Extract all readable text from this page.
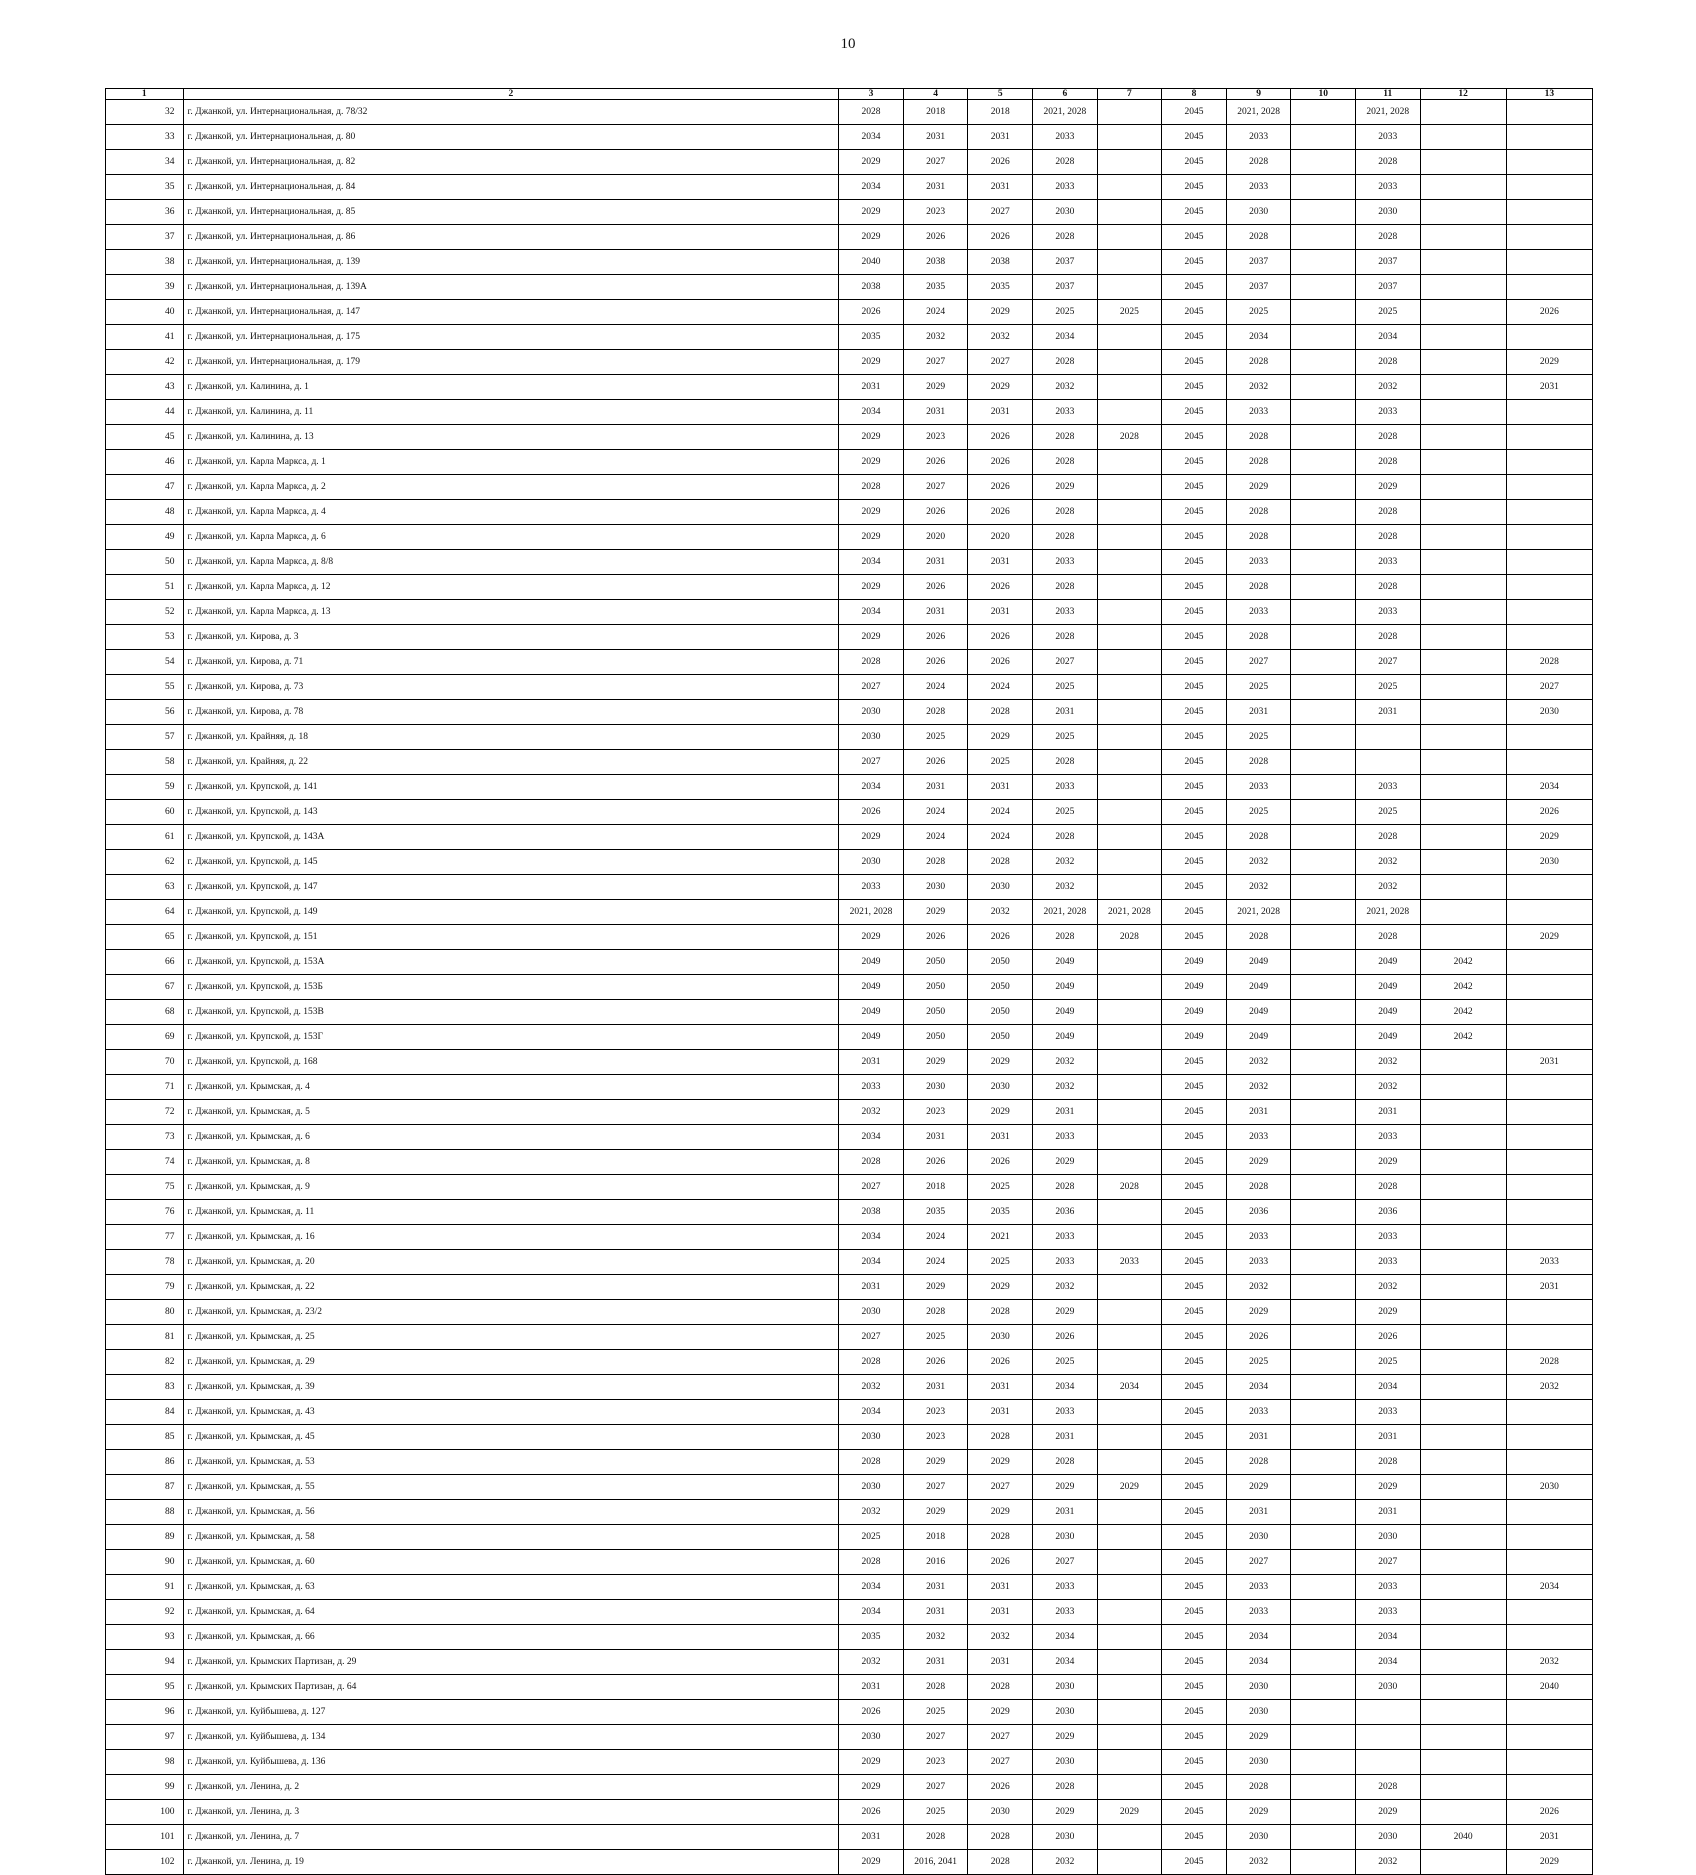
10
1	2	3	4	5	6	7	8	9	10	11	12	13
32	г. Джанкой, ул. Интернациональная, д. 78/32	2028	2018	2018	2021, 2028		2045	2021, 2028		2021, 2028		
33	г. Джанкой, ул. Интернациональная, д. 80	2034	2031	2031	2033		2045	2033		2033		
34	г. Джанкой, ул. Интернациональная, д. 82	2029	2027	2026	2028		2045	2028		2028		
35	г. Джанкой, ул. Интернациональная, д. 84	2034	2031	2031	2033		2045	2033		2033		
36	г. Джанкой, ул. Интернациональная, д. 85	2029	2023	2027	2030		2045	2030		2030		
37	г. Джанкой, ул. Интернациональная, д. 86	2029	2026	2026	2028		2045	2028		2028		
38	г. Джанкой, ул. Интернациональная, д. 139	2040	2038	2038	2037		2045	2037		2037		
39	г. Джанкой, ул. Интернациональная, д. 139А	2038	2035	2035	2037		2045	2037		2037		
40	г. Джанкой, ул. Интернациональная, д. 147	2026	2024	2029	2025	2025	2045	2025		2025		2026
41	г. Джанкой, ул. Интернациональная, д. 175	2035	2032	2032	2034		2045	2034		2034		
42	г. Джанкой, ул. Интернациональная, д. 179	2029	2027	2027	2028		2045	2028		2028		2029
43	г. Джанкой, ул. Калинина, д. 1	2031	2029	2029	2032		2045	2032		2032		2031
44	г. Джанкой, ул. Калинина, д. 11	2034	2031	2031	2033		2045	2033		2033		
45	г. Джанкой, ул. Калинина, д. 13	2029	2023	2026	2028	2028	2045	2028		2028		
46	г. Джанкой, ул. Карла Маркса, д. 1	2029	2026	2026	2028		2045	2028		2028		
47	г. Джанкой, ул. Карла Маркса, д. 2	2028	2027	2026	2029		2045	2029		2029		
48	г. Джанкой, ул. Карла Маркса, д. 4	2029	2026	2026	2028		2045	2028		2028		
49	г. Джанкой, ул. Карла Маркса, д. 6	2029	2020	2020	2028		2045	2028		2028		
50	г. Джанкой, ул. Карла Маркса, д. 8/8	2034	2031	2031	2033		2045	2033		2033		
51	г. Джанкой, ул. Карла Маркса, д. 12	2029	2026	2026	2028		2045	2028		2028		
52	г. Джанкой, ул. Карла Маркса, д. 13	2034	2031	2031	2033		2045	2033		2033		
53	г. Джанкой, ул. Кирова, д. 3	2029	2026	2026	2028		2045	2028		2028		
54	г. Джанкой, ул. Кирова, д. 71	2028	2026	2026	2027		2045	2027		2027		2028
55	г. Джанкой, ул. Кирова, д. 73	2027	2024	2024	2025		2045	2025		2025		2027
56	г. Джанкой, ул. Кирова, д. 78	2030	2028	2028	2031		2045	2031		2031		2030
57	г. Джанкой, ул. Крайняя, д. 18	2030	2025	2029	2025		2045	2025				
58	г. Джанкой, ул. Крайняя, д. 22	2027	2026	2025	2028		2045	2028				
59	г. Джанкой, ул. Крупской, д. 141	2034	2031	2031	2033		2045	2033		2033		2034
60	г. Джанкой, ул. Крупской, д. 143	2026	2024	2024	2025		2045	2025		2025		2026
61	г. Джанкой, ул. Крупской, д. 143А	2029	2024	2024	2028		2045	2028		2028		2029
62	г. Джанкой, ул. Крупской, д. 145	2030	2028	2028	2032		2045	2032		2032		2030
63	г. Джанкой, ул. Крупской, д. 147	2033	2030	2030	2032		2045	2032		2032		
64	г. Джанкой, ул. Крупской, д. 149	2021, 2028	2029	2032	2021, 2028	2021, 2028	2045	2021, 2028		2021, 2028		
65	г. Джанкой, ул. Крупской, д. 151	2029	2026	2026	2028	2028	2045	2028		2028		2029
66	г. Джанкой, ул. Крупской, д. 153А	2049	2050	2050	2049		2049	2049		2049	2042	
67	г. Джанкой, ул. Крупской, д. 153Б	2049	2050	2050	2049		2049	2049		2049	2042	
68	г. Джанкой, ул. Крупской, д. 153В	2049	2050	2050	2049		2049	2049		2049	2042	
69	г. Джанкой, ул. Крупской, д. 153Г	2049	2050	2050	2049		2049	2049		2049	2042	
70	г. Джанкой, ул. Крупской, д. 168	2031	2029	2029	2032		2045	2032		2032		2031
71	г. Джанкой, ул. Крымская, д. 4	2033	2030	2030	2032		2045	2032		2032		
72	г. Джанкой, ул. Крымская, д. 5	2032	2023	2029	2031		2045	2031		2031		
73	г. Джанкой, ул. Крымская, д. 6	2034	2031	2031	2033		2045	2033		2033		
74	г. Джанкой, ул. Крымская, д. 8	2028	2026	2026	2029		2045	2029		2029		
75	г. Джанкой, ул. Крымская, д. 9	2027	2018	2025	2028	2028	2045	2028		2028		
76	г. Джанкой, ул. Крымская, д. 11	2038	2035	2035	2036		2045	2036		2036		
77	г. Джанкой, ул. Крымская, д. 16	2034	2024	2021	2033		2045	2033		2033		
78	г. Джанкой, ул. Крымская, д. 20	2034	2024	2025	2033	2033	2045	2033		2033		2033
79	г. Джанкой, ул. Крымская, д. 22	2031	2029	2029	2032		2045	2032		2032		2031
80	г. Джанкой, ул. Крымская, д. 23/2	2030	2028	2028	2029		2045	2029		2029		
81	г. Джанкой, ул. Крымская, д. 25	2027	2025	2030	2026		2045	2026		2026		
82	г. Джанкой, ул. Крымская, д. 29	2028	2026	2026	2025		2045	2025		2025		2028
83	г. Джанкой, ул. Крымская, д. 39	2032	2031	2031	2034	2034	2045	2034		2034		2032
84	г. Джанкой, ул. Крымская, д. 43	2034	2023	2031	2033		2045	2033		2033		
85	г. Джанкой, ул. Крымская, д. 45	2030	2023	2028	2031		2045	2031		2031		
86	г. Джанкой, ул. Крымская, д. 53	2028	2029	2029	2028		2045	2028		2028		
87	г. Джанкой, ул. Крымская, д. 55	2030	2027	2027	2029	2029	2045	2029		2029		2030
88	г. Джанкой, ул. Крымская, д. 56	2032	2029	2029	2031		2045	2031		2031		
89	г. Джанкой, ул. Крымская, д. 58	2025	2018	2028	2030		2045	2030		2030		
90	г. Джанкой, ул. Крымская, д. 60	2028	2016	2026	2027		2045	2027		2027		
91	г. Джанкой, ул. Крымская, д. 63	2034	2031	2031	2033		2045	2033		2033		2034
92	г. Джанкой, ул. Крымская, д. 64	2034	2031	2031	2033		2045	2033		2033		
93	г. Джанкой, ул. Крымская, д. 66	2035	2032	2032	2034		2045	2034		2034		
94	г. Джанкой, ул. Крымских Партизан, д. 29	2032	2031	2031	2034		2045	2034		2034		2032
95	г. Джанкой, ул. Крымских Партизан, д. 64	2031	2028	2028	2030		2045	2030		2030		2040
96	г. Джанкой, ул. Куйбышева, д. 127	2026	2025	2029	2030		2045	2030				
97	г. Джанкой, ул. Куйбышева, д. 134	2030	2027	2027	2029		2045	2029				
98	г. Джанкой, ул. Куйбышева, д. 136	2029	2023	2027	2030		2045	2030				
99	г. Джанкой, ул. Ленина, д. 2	2029	2027	2026	2028		2045	2028		2028		
100	г. Джанкой, ул. Ленина, д. 3	2026	2025	2030	2029	2029	2045	2029		2029		2026
101	г. Джанкой, ул. Ленина, д. 7	2031	2028	2028	2030		2045	2030		2030	2040	2031
102	г. Джанкой, ул. Ленина, д. 19	2029	2016, 2041	2028	2032		2045	2032		2032		2029
